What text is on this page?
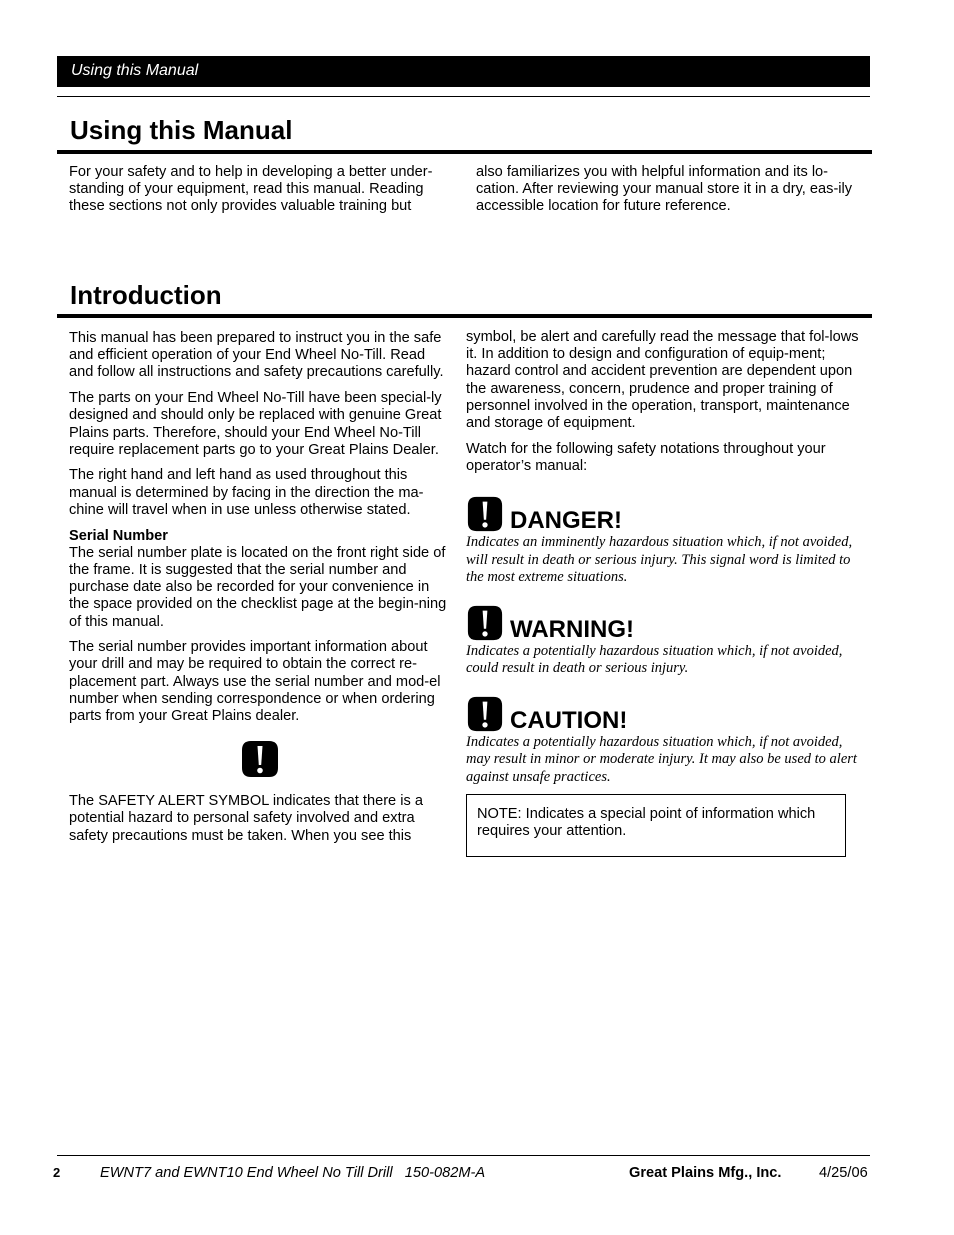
Using this Manual
Using this Manual

For your safety and to help in developing a better under-standing of your equipment, read this manual. Reading these sections not only provides valuable training but

also familiarizes you with helpful information and its lo-cation. After reviewing your manual store it in a dry, eas-ily accessible location for future reference.

Introduction

This manual has been prepared to instruct you in the safe and efficient operation of your End Wheel No-Till. Read and follow all instructions and safety precautions carefully.

The parts on your End Wheel No-Till have been special-ly designed and should only be replaced with genuine Great Plains parts. Therefore, should your End Wheel No-Till require replacement parts go to your Great Plains Dealer.

The right hand and left hand as used throughout this manual is determined by facing in the direction the ma-chine will travel when in use unless otherwise stated.

Serial Number
The serial number plate is located on the front right side of the frame. It is suggested that the serial number and purchase date also be recorded for your convenience in the space provided on the checklist page at the begin-ning of this manual.

The serial number provides important information about your drill and may be required to obtain the correct re-placement part. Always use the serial number and mod-el number when sending correspondence or when ordering parts from your Great Plains dealer.

The SAFETY ALERT SYMBOL indicates that there is a potential hazard to personal safety involved and extra safety precautions must be taken. When you see this

symbol, be alert and carefully read the message that fol-lows it. In addition to design and configuration of equip-ment; hazard control and accident prevention are dependent upon the awareness, concern, prudence and proper training of personnel involved in the operation, transport, maintenance and storage of equipment.

Watch for the following safety notations throughout your operator’s manual:

DANGER!
Indicates an imminently hazardous situation which, if not avoided, will result in death or serious injury. This signal word is limited to the most extreme situations.
WARNING!
Indicates a potentially hazardous situation which, if not avoided, could result in death or serious injury.
CAUTION!
Indicates a potentially hazardous situation which, if not avoided, may result in minor or moderate injury. It may also be used to alert against unsafe practices.
NOTE: Indicates a special point of information which requires your attention.
2	EWNT7 and EWNT10 End Wheel No Till Drill   150-082M-A	Great Plains Mfg., Inc.	4/25/06
